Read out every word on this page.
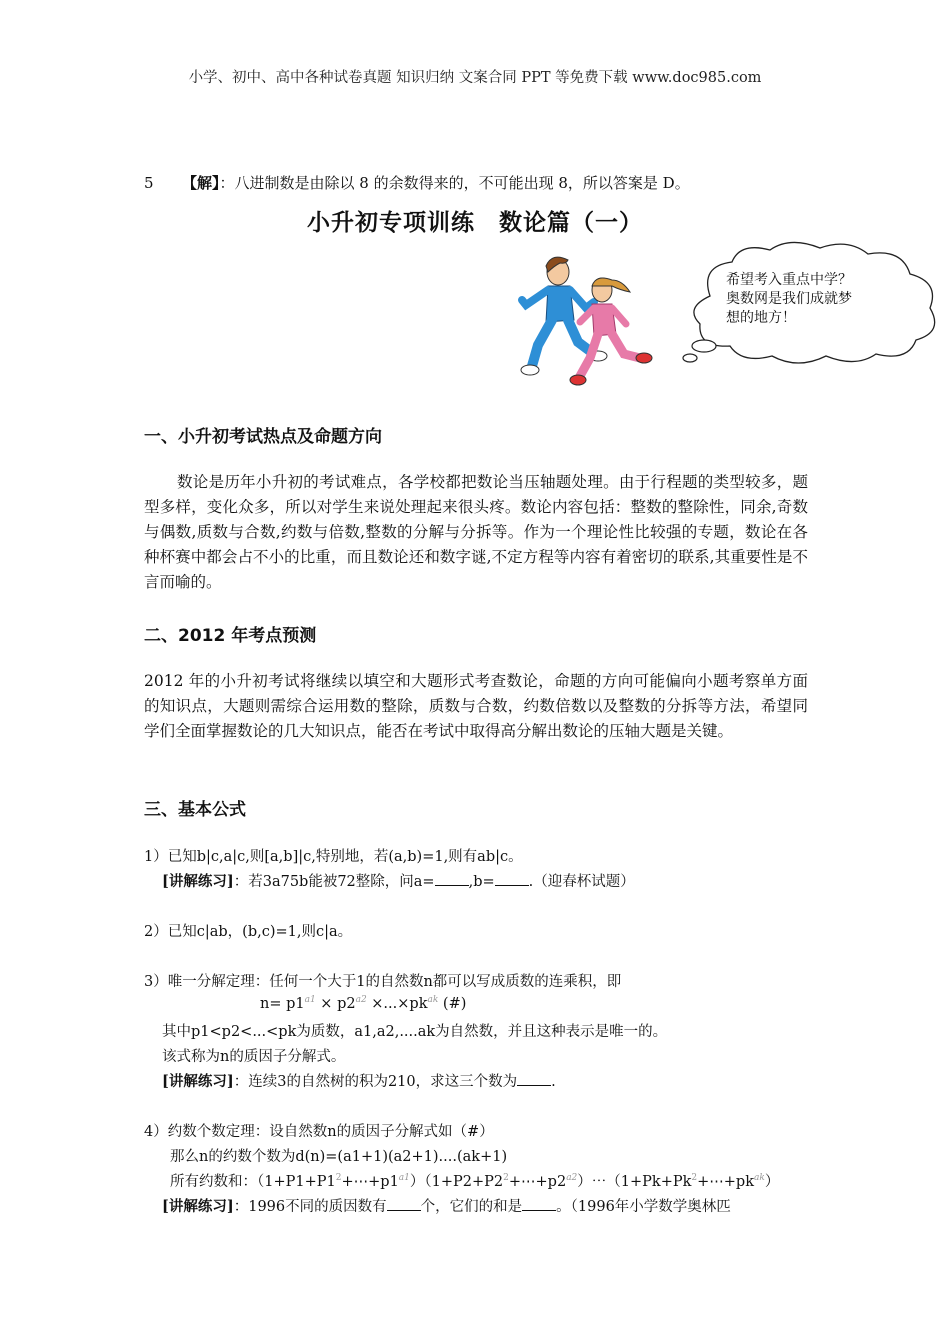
小学、初中、高中各种试卷真题 知识归纳 文案合同 PPT 等免费下载 www.doc985.com
5 【解】：八进制数是由除以 8 的余数得来的，不可能出现 8，所以答案是 D。
小升初专项训练 数论篇（一）
希望考入重点中学？
奥数网是我们成就梦
想的地方！
一、小升初考试热点及命题方向
数论是历年小升初的考试难点，各学校都把数论当压轴题处理。由于行程题的类型较多，题型多样，变化众多，所以对学生来说处理起来很头疼。数论内容包括：整数的整除性，同余,奇数与偶数,质数与合数,约数与倍数,整数的分解与分拆等。作为一个理论性比较强的专题，数论在各种杯赛中都会占不小的比重，而且数论还和数字谜,不定方程等内容有着密切的联系,其重要性是不言而喻的。
二、2012 年考点预测
2012 年的小升初考试将继续以填空和大题形式考查数论，命题的方向可能偏向小题考察单方面的知识点，大题则需综合运用数的整除，质数与合数，约数倍数以及整数的分拆等方法，希望同学们全面掌握数论的几大知识点，能否在考试中取得高分解出数论的压轴大题是关键。
三、基本公式
1）已知b|c,a|c,则[a,b]|c,特别地，若(a,b)=1,则有ab|c。
[讲解练习]：若3a75b能被72整除，问a= ,b= .（迎春杯试题）
2）已知c|ab，(b,c)=1,则c|a。
3）唯一分解定理：任何一个大于1的自然数n都可以写成质数的连乘积，即
$n= p1^{a1} \times p2^{a2} \times...\times pk^{ak}$ (#)
其中p1<p2<...<pk为质数，a1,a2,....ak为自然数，并且这种表示是唯一的。
该式称为n的质因子分解式。
[讲解练习]：连续3的自然树的积为210，求这三个数为 .
4）约数个数定理：设自然数n的质因子分解式如（#）
那么n的约数个数为d(n)=(a1+1)(a2+1)....(ak+1)
所有约数和：$(1+P1+P1^2+\cdots+p1^{a1})(1+P2+P2^2+\cdots+p2^{a2})\cdots(1+Pk+Pk^2+\cdots+pk^{ak})$
[讲解练习]：1996不同的质因数有 个，它们的和是 。（1996年小学数学奥林匹
